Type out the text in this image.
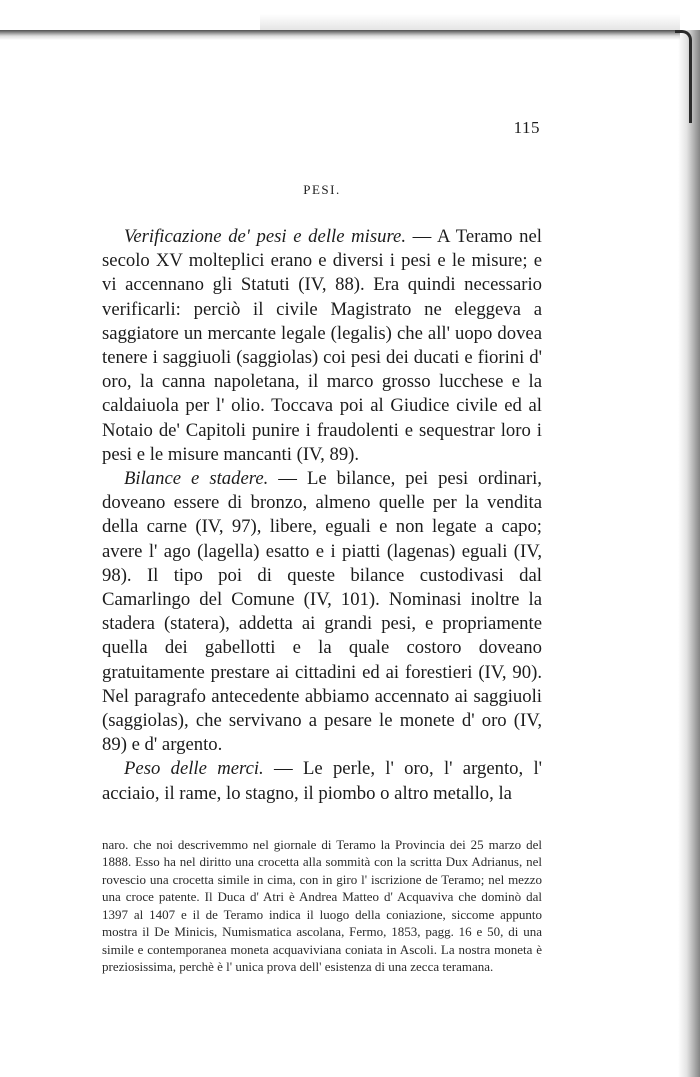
115
PESI.

Verificazione de' pesi e delle misure. — A Teramo nel secolo XV molteplici erano e diversi i pesi e le misure; e vi accennano gli Statuti (IV, 88). Era quindi necessario verificarli: perciò il civile Magistrato ne eleggeva a saggiatore un mercante legale (legalis) che all' uopo dovea tenere i saggiuoli (saggiolas) coi pesi dei ducati e fiorini d' oro, la canna napoletana, il marco grosso lucchese e la caldaiuola per l' olio. Toccava poi al Giudice civile ed al Notaio de' Capitoli punire i fraudolenti e sequestrar loro i pesi e le misure mancanti (IV, 89).

Bilance e stadere. — Le bilance, pei pesi ordinari, doveano essere di bronzo, almeno quelle per la vendita della carne (IV, 97), libere, eguali e non legate a capo; avere l' ago (lagella) esatto e i piatti (lagenas) eguali (IV, 98). Il tipo poi di queste bilance custodivasi dal Camarlingo del Comune (IV, 101). Nominasi inoltre la stadera (statera), addetta ai grandi pesi, e propriamente quella dei gabellotti e la quale costoro doveano gratuitamente prestare ai cittadini ed ai forestieri (IV, 90). Nel paragrafo antecedente abbiamo accennato ai saggiuoli (saggiolas), che servivano a pesare le monete d' oro (IV, 89) e d' argento.

Peso delle merci. — Le perle, l' oro, l' argento, l' acciaio, il rame, lo stagno, il piombo o altro metallo, la

naro. che noi descrivemmo nel giornale di Teramo la Provincia dei 25 marzo del 1888. Esso ha nel diritto una crocetta alla sommità con la scritta Dux Adrianus, nel rovescio una crocetta simile in cima, con in giro l' iscrizione de Teramo; nel mezzo una croce patente. Il Duca d' Atri è Andrea Matteo d' Acquaviva che dominò dal 1397 al 1407 e il de Teramo indica il luogo della coniazione, siccome appunto mostra il De Minicis, Numismatica ascolana, Fermo, 1853, pagg. 16 e 50, di una simile e contemporanea moneta acquaviviana coniata in Ascoli. La nostra moneta è preziosissima, perchè è l' unica prova dell' esistenza di una zecca teramana.
